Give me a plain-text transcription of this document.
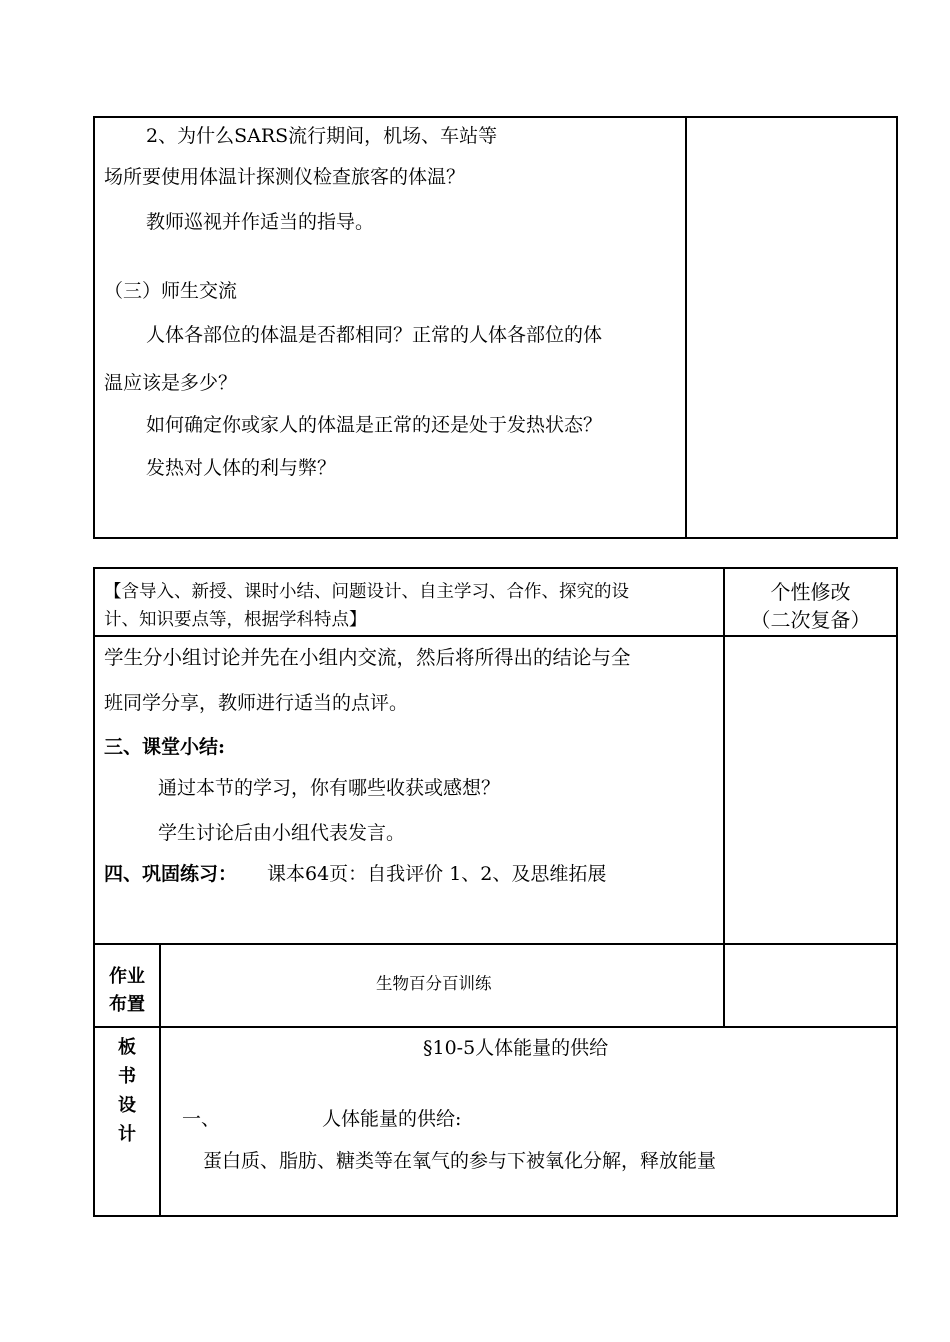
2、为什么SARS流行期间，机场、车站等
场所要使用体温计探测仪检查旅客的体温？
教师巡视并作适当的指导。
（三）师生交流
人体各部位的体温是否都相同？正常的人体各部位的体
温应该是多少？
如何确定你或家人的体温是正常的还是处于发热状态？
发热对人体的利与弊？
【含导入、新授、课时小结、问题设计、自主学习、合作、探究的设
计、知识要点等，根据学科特点】
个性修改
（二次复备）
学生分小组讨论并先在小组内交流，然后将所得出的结论与全
班同学分享，教师进行适当的点评。
三、课堂小结:
通过本节的学习，你有哪些收获或感想？
学生讨论后由小组代表发言。
四、巩固练习： 课本64页：自我评价 1、2、及思维拓展
作业
布置
生物百分百训练
板
书
设
计
§10-5人体能量的供给
一、	人体能量的供给:
蛋白质、脂肪、糖类等在氧气的参与下被氧化分解，释放能量
